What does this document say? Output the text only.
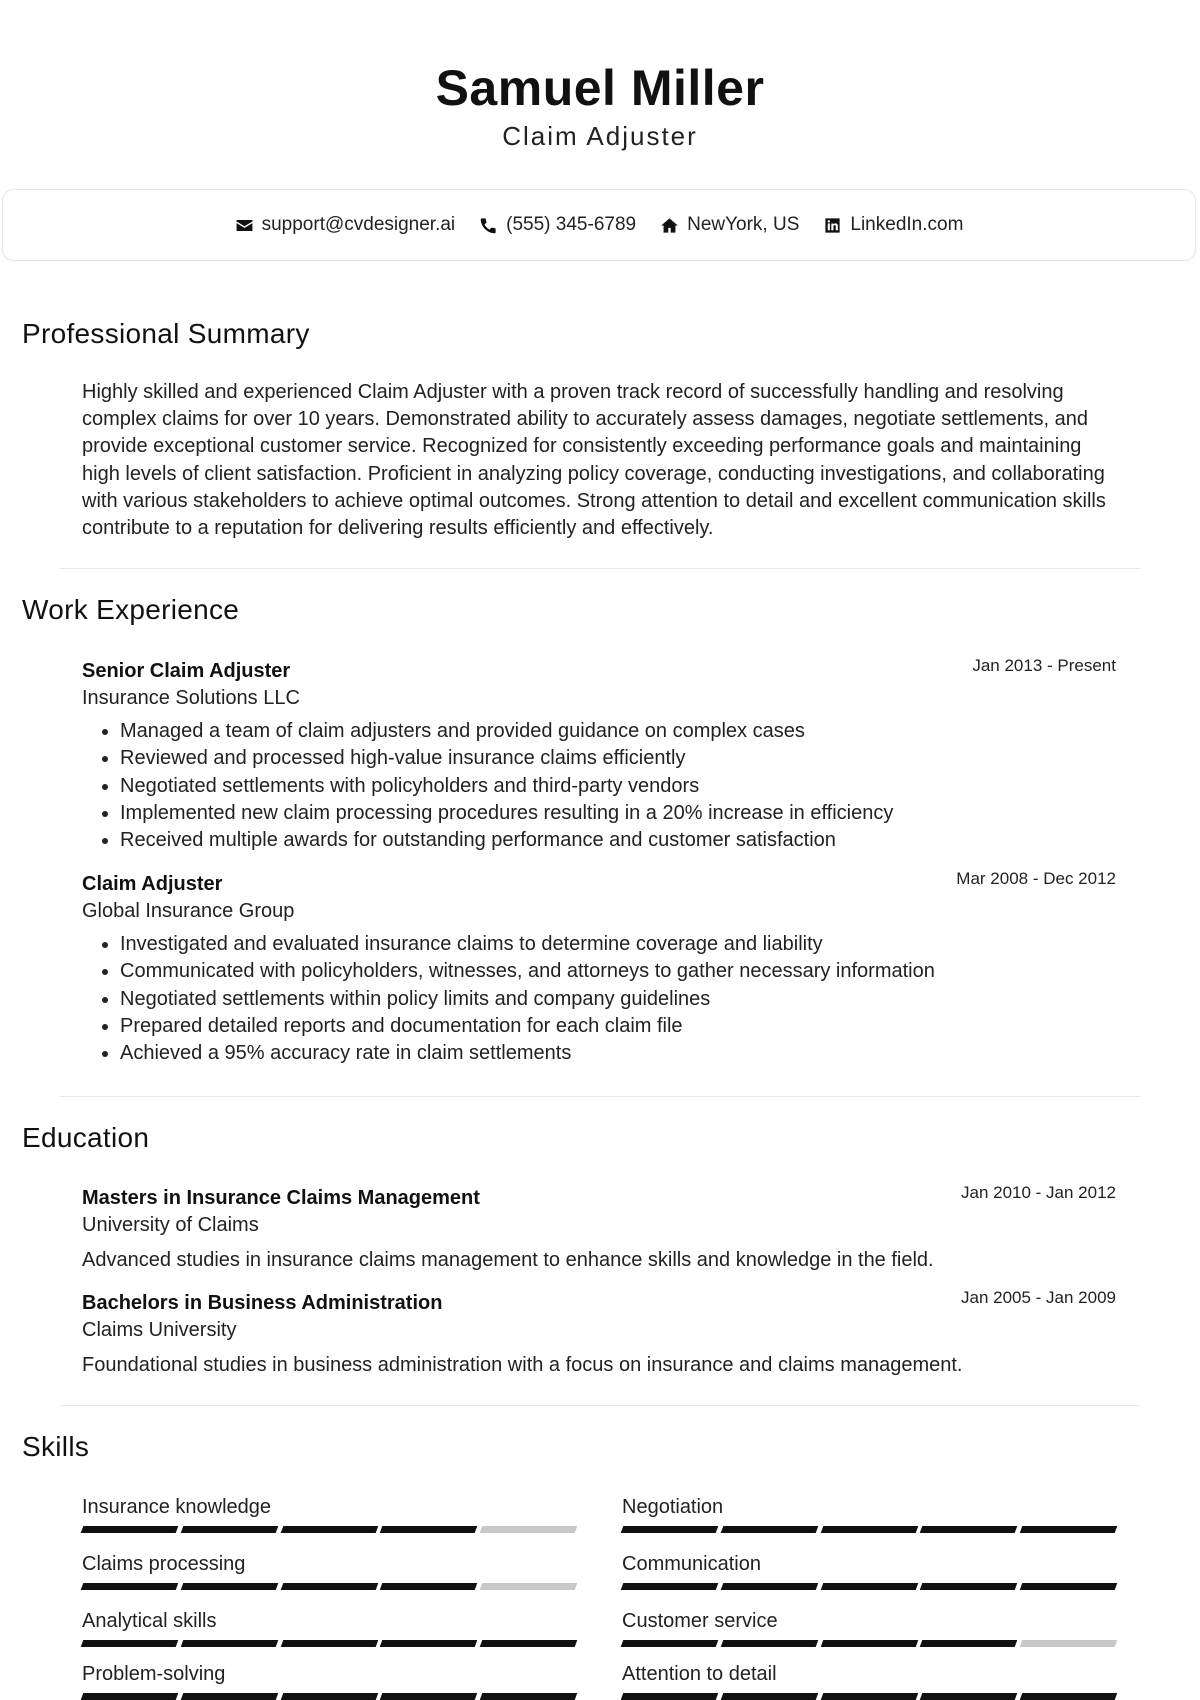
Samuel Miller
Claim Adjuster
support@cvdesigner.ai	(555) 345-6789	NewYork, US	LinkedIn.com
Professional Summary

Highly skilled and experienced Claim Adjuster with a proven track record of successfully handling and resolving complex claims for over 10 years. Demonstrated ability to accurately assess damages, negotiate settlements, and provide exceptional customer service. Recognized for consistently exceeding performance goals and maintaining high levels of client satisfaction. Proficient in analyzing policy coverage, conducting investigations, and collaborating with various stakeholders to achieve optimal outcomes. Strong attention to detail and excellent communication skills contribute to a reputation for delivering results efficiently and effectively.

Work Experience
Senior Claim Adjuster	Jan 2013 - Present
Insurance Solutions LLC
• Managed a team of claim adjusters and provided guidance on complex cases
• Reviewed and processed high-value insurance claims efficiently
• Negotiated settlements with policyholders and third-party vendors
• Implemented new claim processing procedures resulting in a 20% increase in efficiency
• Received multiple awards for outstanding performance and customer satisfaction
Claim Adjuster	Mar 2008 - Dec 2012
Global Insurance Group
• Investigated and evaluated insurance claims to determine coverage and liability
• Communicated with policyholders, witnesses, and attorneys to gather necessary information
• Negotiated settlements within policy limits and company guidelines
• Prepared detailed reports and documentation for each claim file
• Achieved a 95% accuracy rate in claim settlements
Education
Masters in Insurance Claims Management	Jan 2010 - Jan 2012
University of Claims
Advanced studies in insurance claims management to enhance skills and knowledge in the field.
Bachelors in Business Administration	Jan 2005 - Jan 2009
Claims University
Foundational studies in business administration with a focus on insurance and claims management.
Skills
Insurance knowledge	Negotiation
Claims processing	Communication
Analytical skills	Customer service
Problem-solving	Attention to detail
